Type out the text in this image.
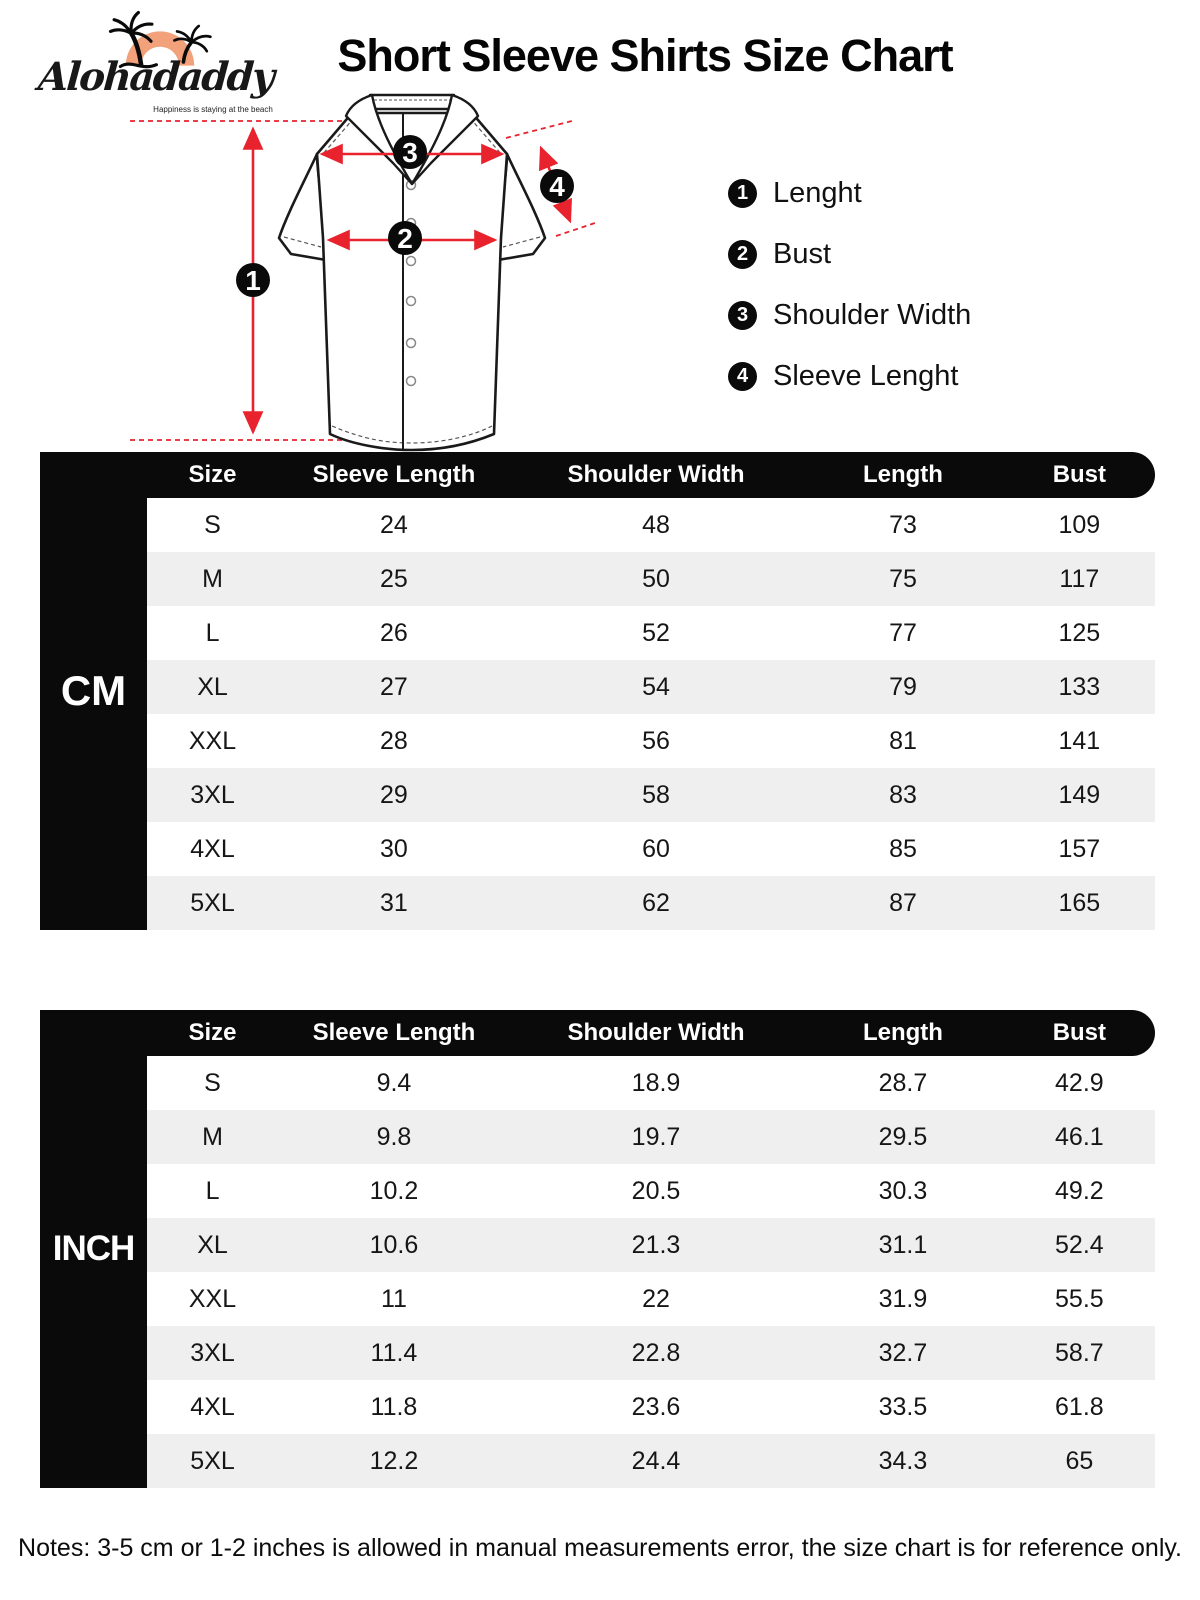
Alohadaddy
Happiness is staying at the beach
Short Sleeve Shirts Size Chart
1
2
3
4	1 Lenght
2 Bust
3 Shoulder Width
4 Sleeve Lenght
CM
Size	Sleeve Length	Shoulder Width	Length	Bust
S	24	48	73	109
M	25	50	75	117
L	26	52	77	125
XL	27	54	79	133
XXL	28	56	81	141
3XL	29	58	83	149
4XL	30	60	85	157
5XL	31	62	87	165
INCH
Size	Sleeve Length	Shoulder Width	Length	Bust
S	9.4	18.9	28.7	42.9
M	9.8	19.7	29.5	46.1
L	10.2	20.5	30.3	49.2
XL	10.6	21.3	31.1	52.4
XXL	11	22	31.9	55.5
3XL	11.4	22.8	32.7	58.7
4XL	11.8	23.6	33.5	61.8
5XL	12.2	24.4	34.3	65
Notes: 3-5 cm or 1-2 inches is allowed in manual measurements error, the size chart is for reference only.
